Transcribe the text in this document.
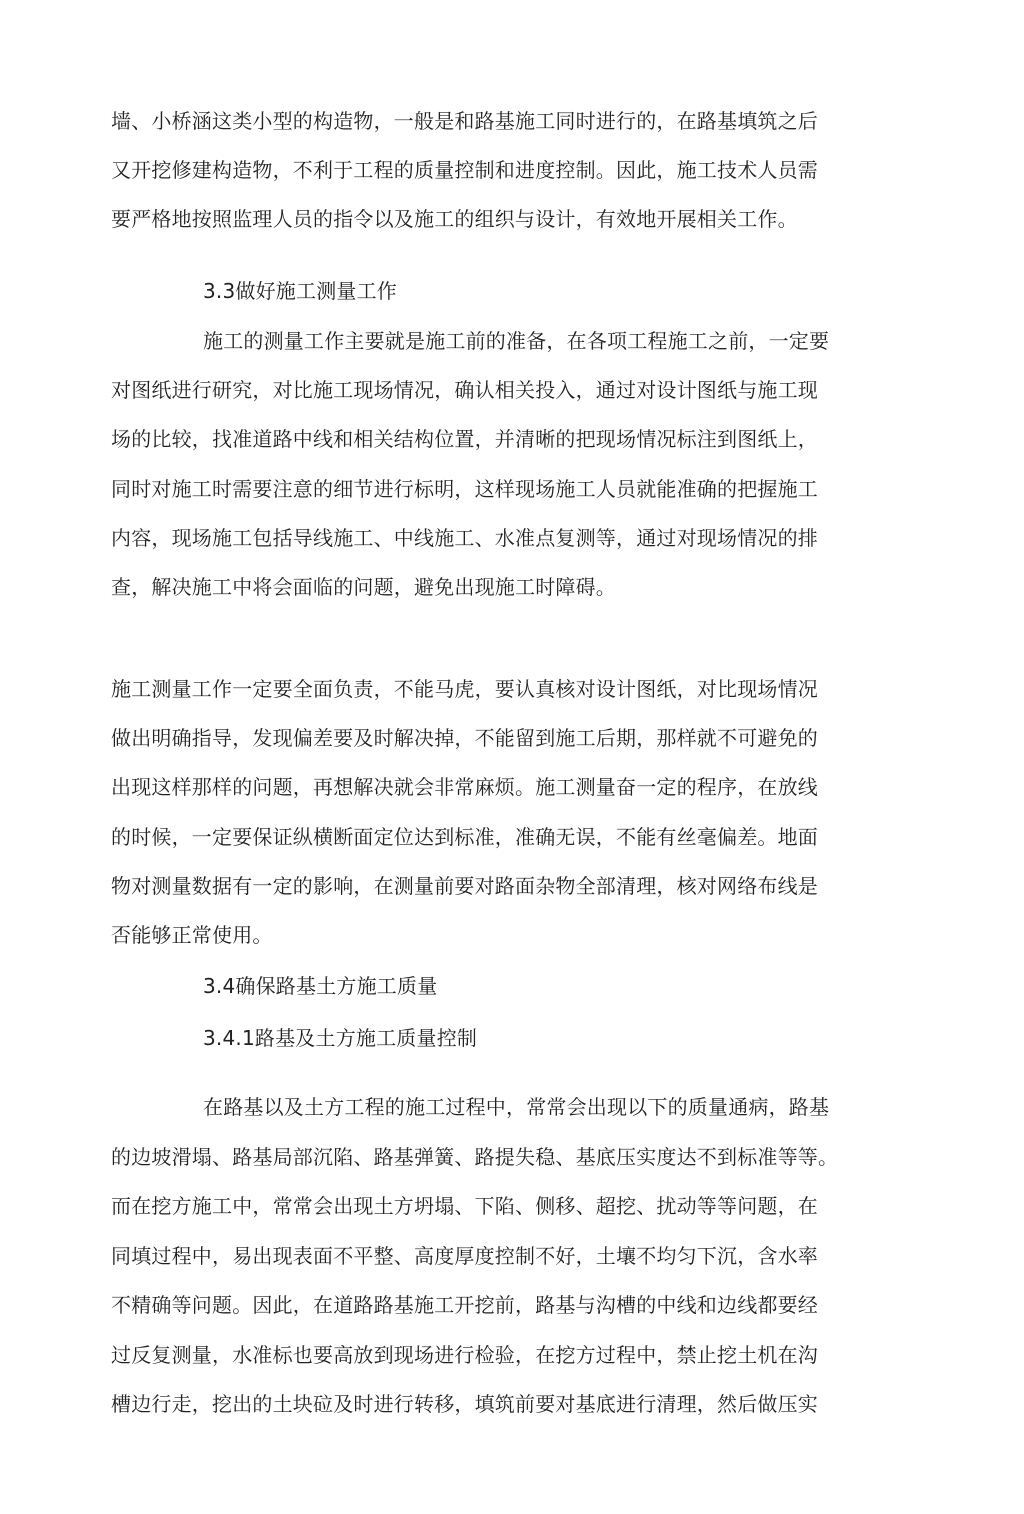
墙、小桥涵这类小型的构造物，一般是和路基施工同时进行的，在路基填筑之后
又开挖修建构造物，不利于工程的质量控制和进度控制。因此，施工技术人员需
要严格地按照监理人员的指令以及施工的组织与设计，有效地开展相关工作。
3.3做好施工测量工作
施工的测量工作主要就是施工前的准备，在各项工程施工之前，一定要
对图纸进行研究，对比施工现场情况，确认相关投入，通过对设计图纸与施工现
场的比较，找准道路中线和相关结构位置，并清晰的把现场情况标注到图纸上，
同时对施工时需要注意的细节进行标明，这样现场施工人员就能准确的把握施工
内容，现场施工包括导线施工、中线施工、水准点复测等，通过对现场情况的排
查，解决施工中将会面临的问题，避免出现施工时障碍。
施工测量工作一定要全面负责，不能马虎，要认真核对设计图纸，对比现场情况
做出明确指导，发现偏差要及时解决掉，不能留到施工后期，那样就不可避免的
出现这样那样的问题，再想解决就会非常麻烦。施工测量奋一定的程序，在放线
的时候，一定要保证纵横断面定位达到标准，准确无误，不能有丝毫偏差。地面
物对测量数据有一定的影响，在测量前要对路面杂物全部清理，核对网络布线是
否能够正常使用。
3.4确保路基土方施工质量
3.4.1路基及土方施工质量控制
在路基以及土方工程的施工过程中，常常会出现以下的质量通病，路基
的边坡滑塌、路基局部沉陷、路基弹簧、路提失稳、基底压实度达不到标准等等。
而在挖方施工中，常常会出现土方坍塌、下陷、侧移、超挖、扰动等等问题，在
同填过程中，易出现表面不平整、高度厚度控制不好，土壤不均匀下沉，含水率
不精确等问题。因此，在道路路基施工开挖前，路基与沟槽的中线和边线都要经
过反复测量，水准标也要高放到现场进行检验，在挖方过程中，禁止挖土机在沟
槽边行走，挖出的土块砬及时进行转移，填筑前要对基底进行清理，然后做压实
